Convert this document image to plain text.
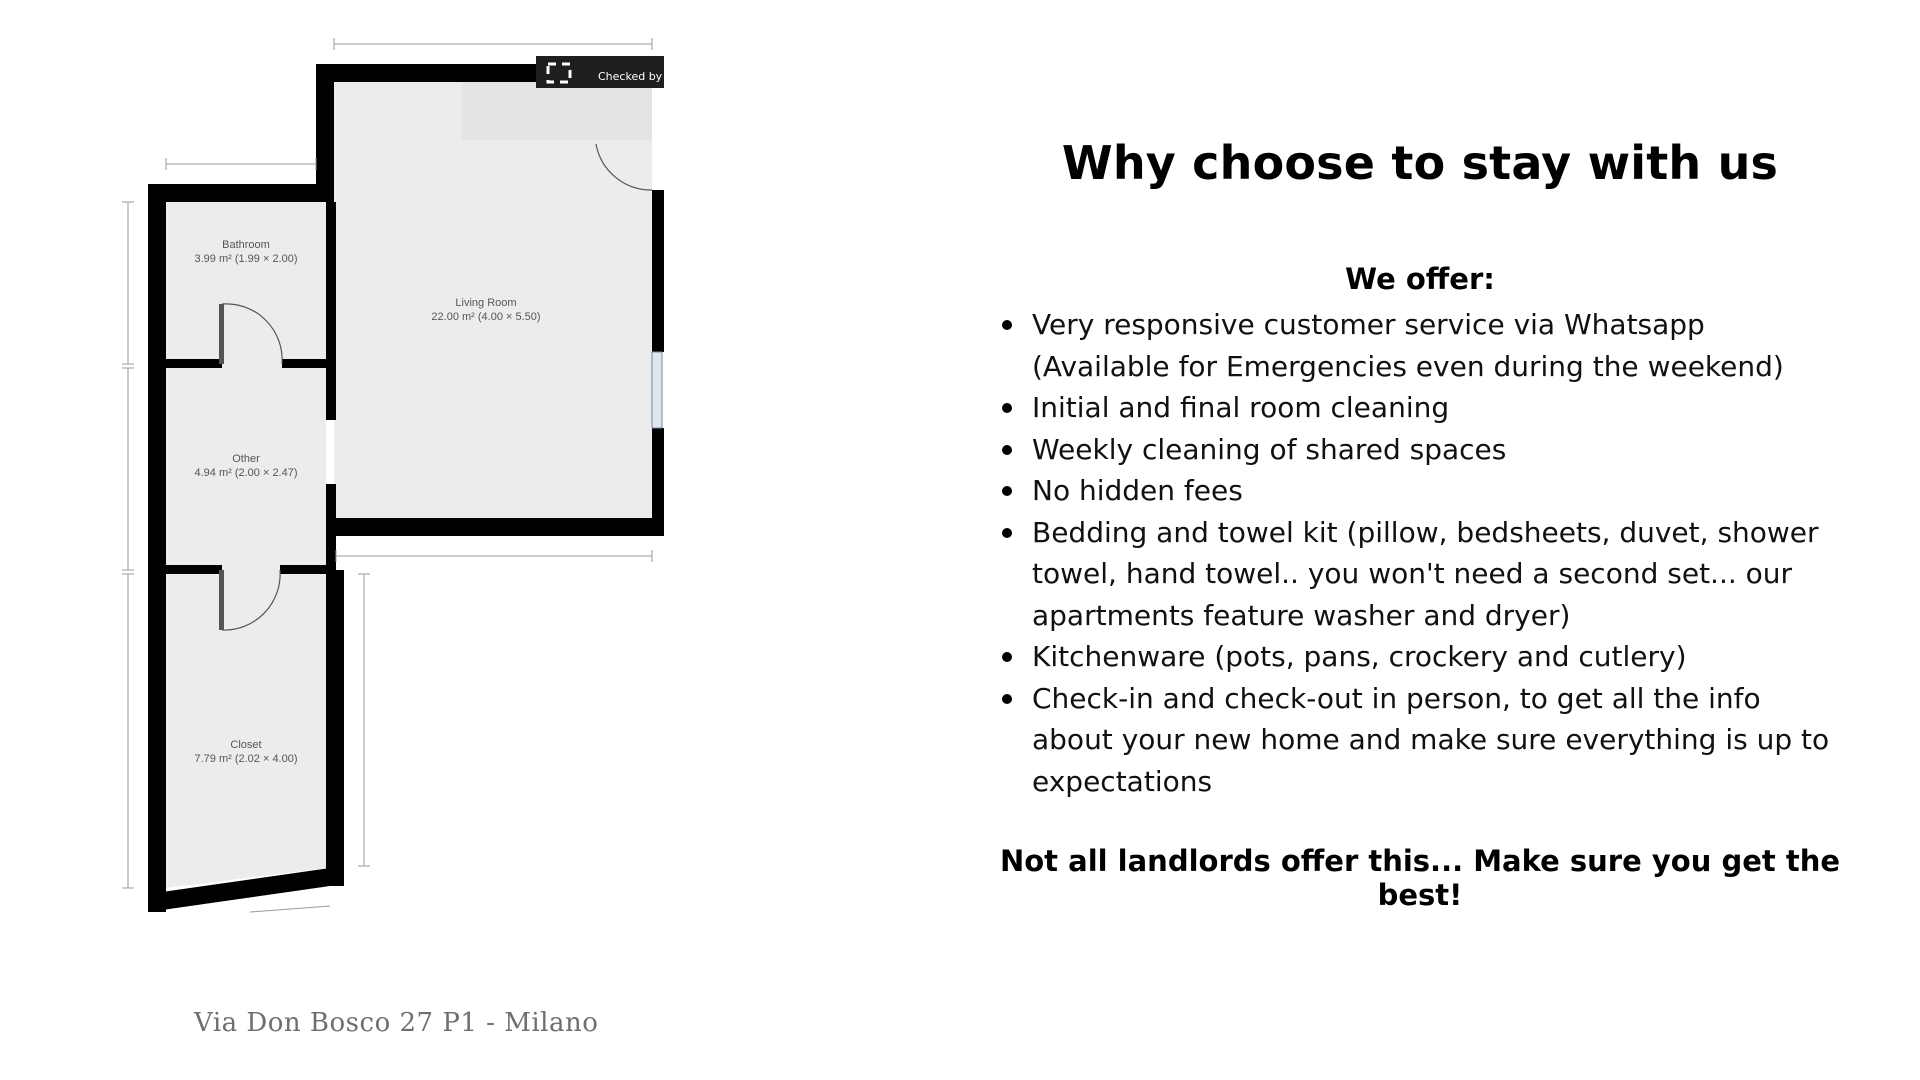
Checked by
Bathroom
3.99 m² (1.99 × 2.00)
Living Room
22.00 m² (4.00 × 5.50)
Other
4.94 m² (2.00 × 2.47)
Closet
7.79 m² (2.02 × 4.00)
Via Don Bosco 27 P1 - Milano
Why choose to stay with us

We offer:

Very responsive customer service via Whatsapp (Available for Emergencies even during the weekend)
Initial and final room cleaning
Weekly cleaning of shared spaces
No hidden fees
Bedding and towel kit (pillow, bedsheets, duvet, shower towel, hand towel.. you won't need a second set... our apartments feature washer and dryer)
Kitchenware (pots, pans, crockery and cutlery)
Check-in and check-out in person, to get all the info about your new home and make sure everything is up to expectations

Not all landlords offer this... Make sure you get the best!
